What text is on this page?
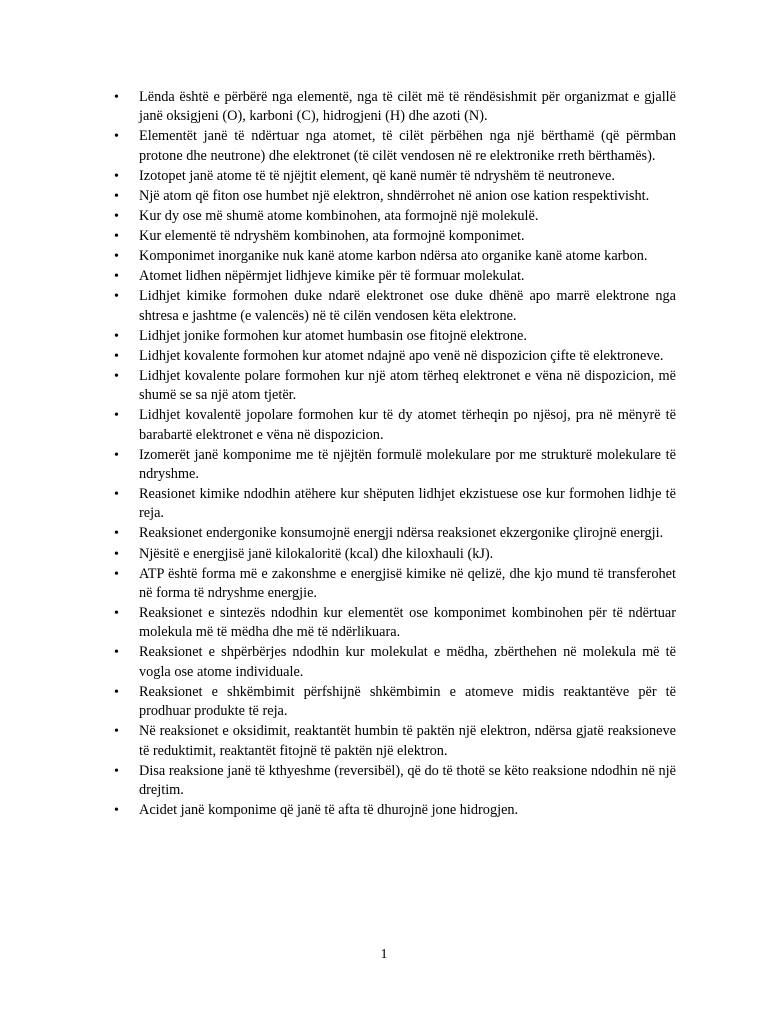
• Lënda është e përbërë nga elementë, nga të cilët më të rëndësishmit për organizmat e gjallë janë oksigjeni (O), karboni (C), hidrogjeni (H) dhe azoti (N).
• Elementët janë të ndërtuar nga atomet, të cilët përbëhen nga një bërthamë (që përmban protone dhe neutrone) dhe elektronet (të cilët vendosen në re elektronike rreth bërthamës).
• Izotopet janë atome të të njëjtit element, që kanë numër të ndryshëm të neutroneve.
• Një atom që fiton ose humbet një elektron, shndërrohet në anion ose kation respektivisht.
• Kur dy ose më shumë atome kombinohen, ata formojnë një molekulë.
• Kur elementë të ndryshëm kombinohen, ata formojnë komponimet.
• Komponimet inorganike nuk kanë atome karbon ndërsa ato organike kanë atome karbon.
• Atomet lidhen nëpërmjet lidhjeve kimike për të formuar molekulat.
• Lidhjet kimike formohen duke ndarë elektronet ose duke dhënë apo marrë elektrone nga shtresa e jashtme (e valencës) në të cilën vendosen këta elektrone.
• Lidhjet jonike formohen kur atomet humbasin ose fitojnë elektrone.
• Lidhjet kovalente formohen kur atomet ndajnë apo venë në dispozicion çifte të elektroneve.
• Lidhjet kovalente polare formohen kur një atom tërheq elektronet e vëna në dispozicion, më shumë se sa një atom tjetër.
• Lidhjet kovalentë jopolare formohen kur të dy atomet tërheqin po njësoj, pra në mënyrë të barabartë elektronet e vëna në dispozicion.
• Izomerët janë komponime me të njëjtën formulë molekulare por me strukturë molekulare të ndryshme.
• Reasionet kimike ndodhin atëhere kur shëputen lidhjet ekzistuese ose kur formohen lidhje të reja.
• Reaksionet endergonike konsumojnë energji ndërsa reaksionet ekzergonike çlirojnë energji.
• Njësitë e energjisë janë kilokaloritë (kcal) dhe kiloxhauli (kJ).
• ATP është forma më e zakonshme e energjisë kimike në qelizë, dhe kjo mund të transferohet në forma të ndryshme energjie.
• Reaksionet e sintezës ndodhin kur elementët ose komponimet kombinohen për të ndërtuar molekula më të mëdha dhe më të ndërlikuara.
• Reaksionet e shpërbërjes ndodhin kur molekulat e mëdha, zbërthehen në molekula më të vogla ose atome individuale.
• Reaksionet e shkëmbimit përfshijnë shkëmbimin e atomeve midis reaktantëve për të prodhuar produkte të reja.
• Në reaksionet e oksidimit, reaktantët humbin të paktën një elektron, ndërsa gjatë reaksioneve të reduktimit, reaktantët fitojnë të paktën një elektron.
• Disa reaksione janë të kthyeshme (reversibël), që do të thotë se këto reaksione ndodhin në një drejtim.
• Acidet janë komponime që janë të afta të dhurojnë jone hidrogjen.
1
